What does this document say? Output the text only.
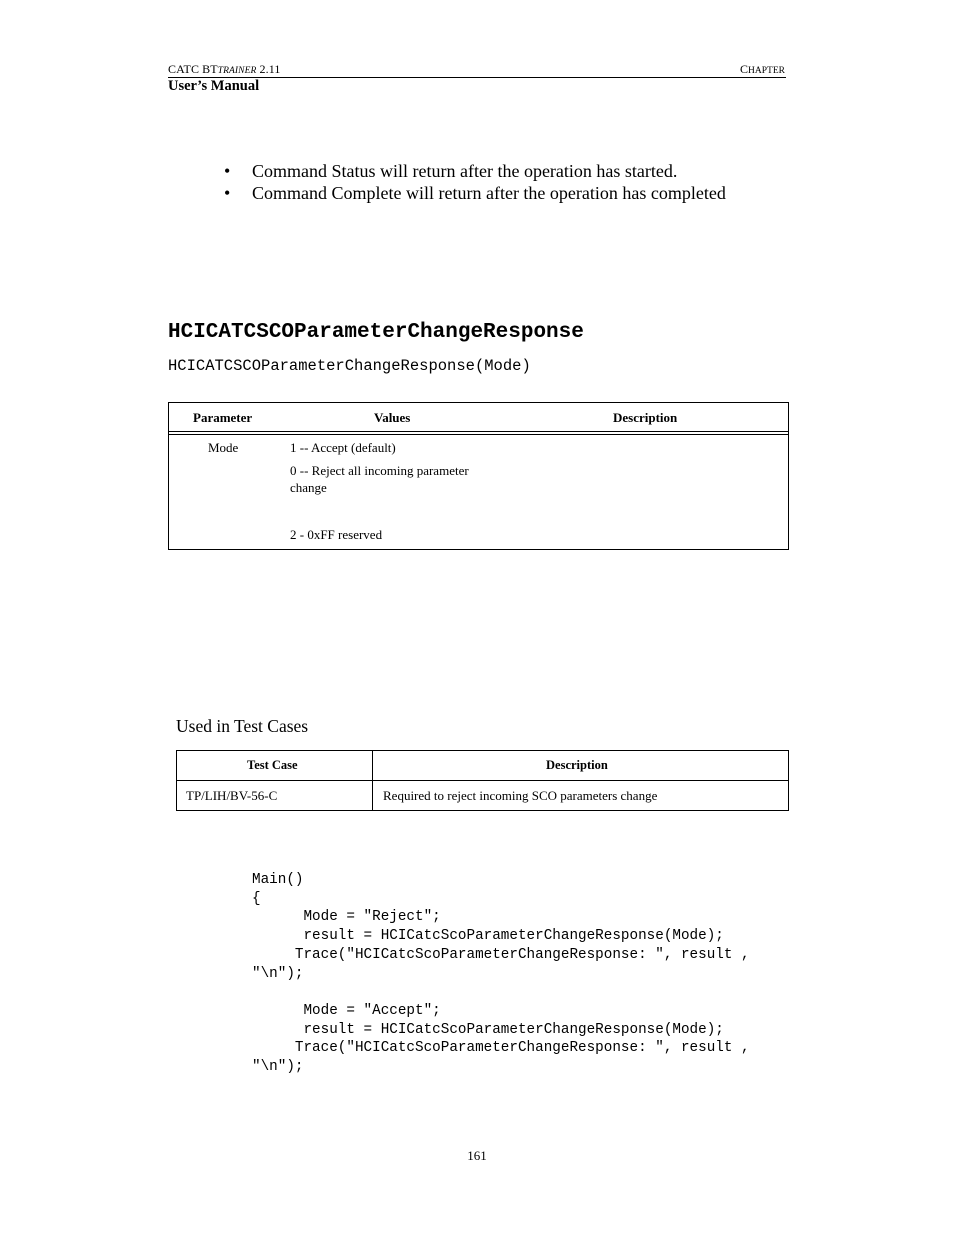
CATC BTTRAINER 2.11	CHAPTER
User’s Manual
• Command Status will return after the operation has started.
• Command Complete will return after the operation has completed
HCICATCSCOParameterChangeResponse
HCICATCSCOParameterChangeResponse(Mode)
Parameter	Values	Description
Mode	1 -- Accept (default)
0 -- Reject all incoming parameter
change
2 - 0xFF reserved
Used in Test Cases
Test Case	Description
TP/LIH/BV-56-C	Required to reject incoming SCO parameters change
Main()
{
Mode = "Reject";
result = HCICatcScoParameterChangeResponse(Mode);
Trace("HCICatcScoParameterChangeResponse: ", result ,
"\n");

Mode = "Accept";
result = HCICatcScoParameterChangeResponse(Mode);
Trace("HCICatcScoParameterChangeResponse: ", result ,
"\n");
161
